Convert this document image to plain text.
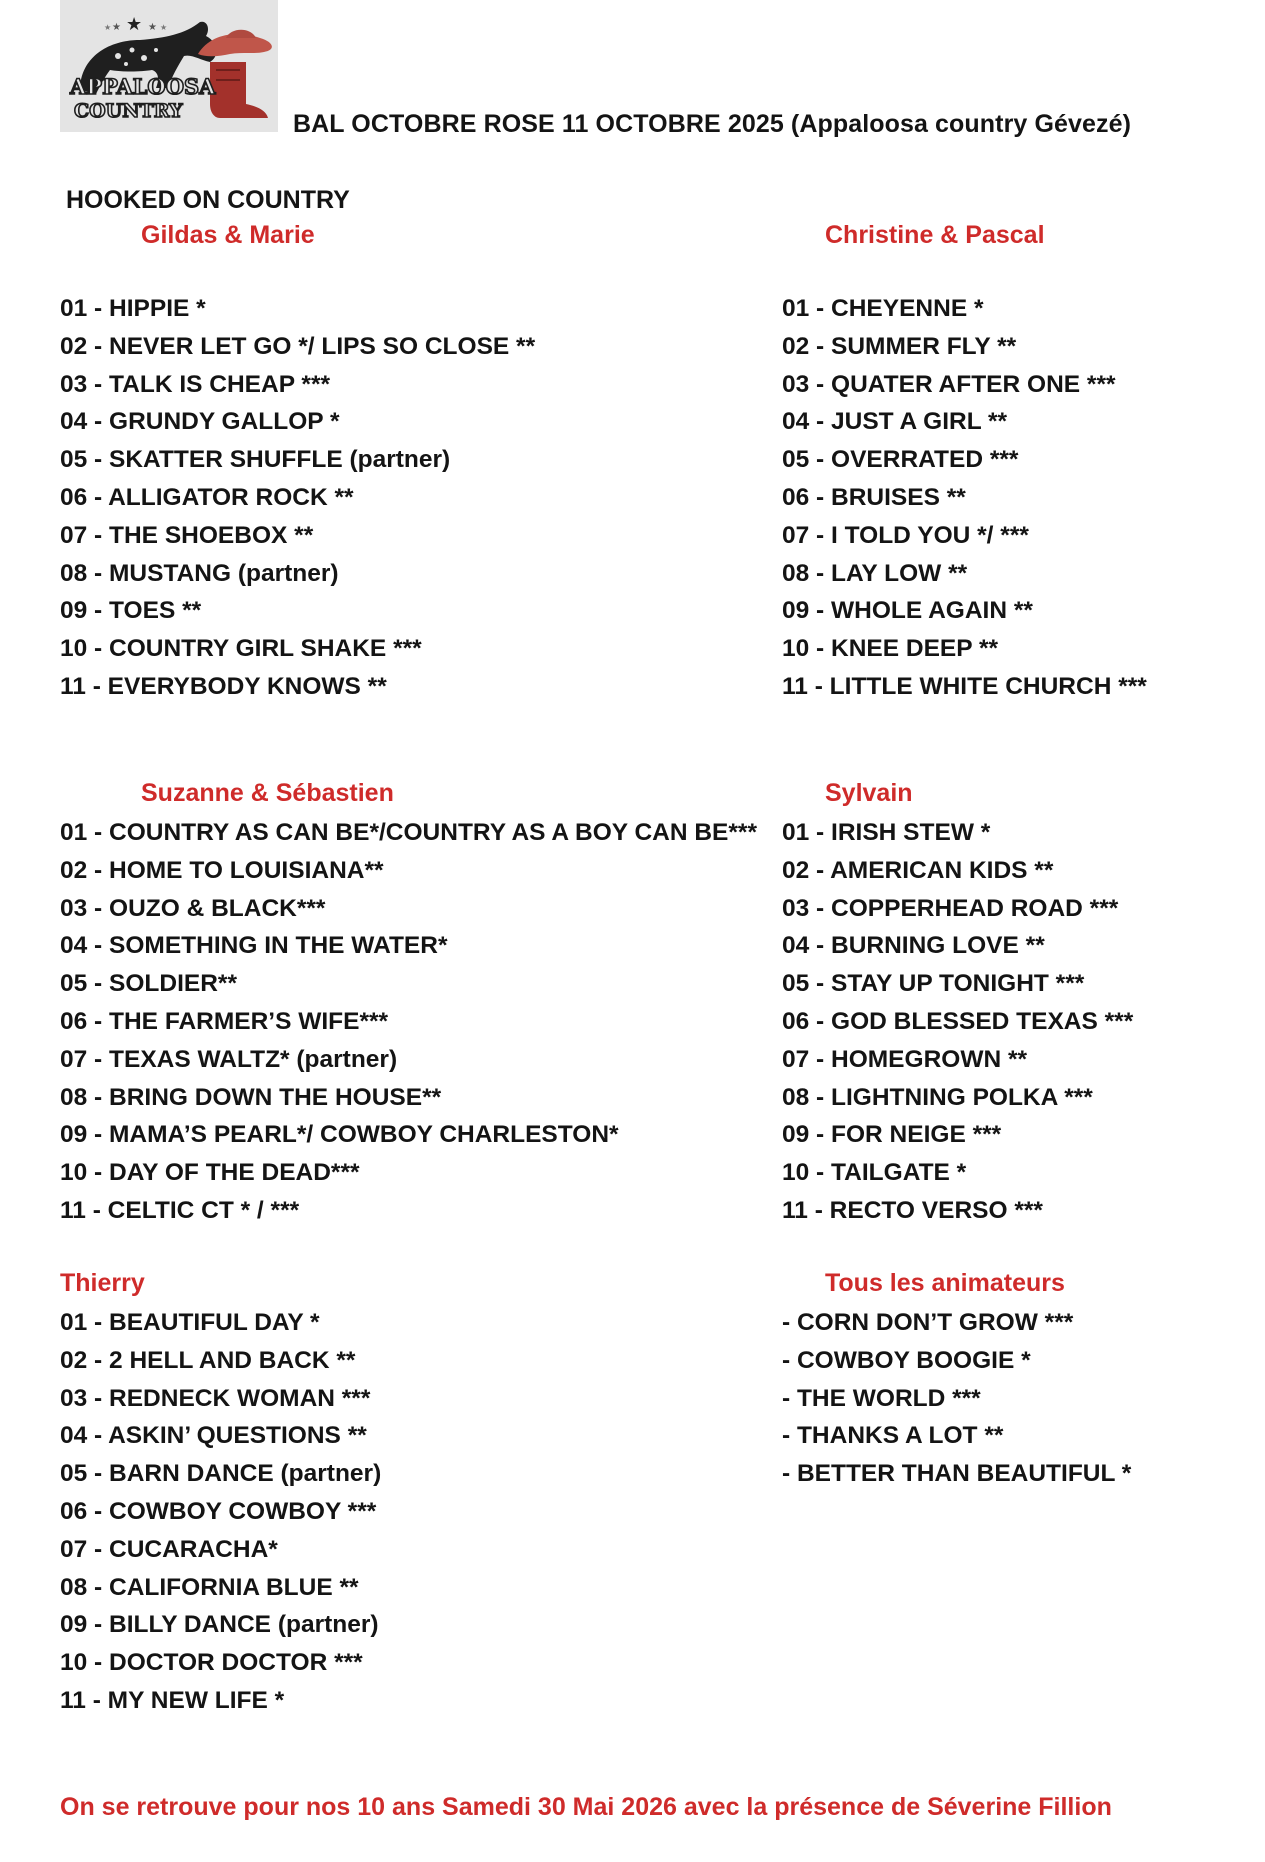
★
★
★	★ ★
APPALOOSA
COUNTRY	BAL OCTOBRE ROSE 11 OCTOBRE 2025 (Appaloosa country Gévezé)
HOOKED ON COUNTRY
Gildas & Marie
01 - HIPPIE *
02 - NEVER LET GO */ LIPS SO CLOSE **
03 - TALK IS CHEAP ***
04 - GRUNDY GALLOP *
05 - SKATTER SHUFFLE (partner)
06 - ALLIGATOR ROCK **
07 - THE SHOEBOX **
08 - MUSTANG (partner)
09 - TOES **
10 - COUNTRY GIRL SHAKE ***
11 - EVERYBODY KNOWS **
Christine & Pascal
01 - CHEYENNE *
02 - SUMMER FLY **
03 - QUATER AFTER ONE ***
04 - JUST A GIRL **
05 - OVERRATED ***
06 - BRUISES **
07 - I TOLD YOU */ ***
08 - LAY LOW **
09 - WHOLE AGAIN **
10 - KNEE DEEP **
11 - LITTLE WHITE CHURCH ***
Suzanne & Sébastien
01 - COUNTRY AS CAN BE*/COUNTRY AS A BOY CAN BE***
02 - HOME TO LOUISIANA**
03 - OUZO & BLACK***
04 - SOMETHING IN THE WATER*
05 - SOLDIER**
06 - THE FARMER’S WIFE***
07 - TEXAS WALTZ* (partner)
08 - BRING DOWN THE HOUSE**
09 - MAMA’S PEARL*/ COWBOY CHARLESTON*
10 - DAY OF THE DEAD***
11 - CELTIC CT * / ***
Sylvain
01 - IRISH STEW *
02 - AMERICAN KIDS **
03 - COPPERHEAD ROAD ***
04 - BURNING LOVE **
05 - STAY UP TONIGHT ***
06 - GOD BLESSED TEXAS ***
07 - HOMEGROWN **
08 - LIGHTNING POLKA ***
09 - FOR NEIGE ***
10 - TAILGATE *
11 - RECTO VERSO ***
Thierry
01 - BEAUTIFUL DAY *
02 - 2 HELL AND BACK **
03 - REDNECK WOMAN ***
04 - ASKIN’ QUESTIONS **
05 - BARN DANCE (partner)
06 - COWBOY COWBOY ***
07 - CUCARACHA*
08 - CALIFORNIA BLUE **
09 - BILLY DANCE (partner)
10 - DOCTOR DOCTOR ***
11 - MY NEW LIFE *
Tous les animateurs
- CORN DON’T GROW ***
- COWBOY BOOGIE *
- THE WORLD ***
- THANKS A LOT **
- BETTER THAN BEAUTIFUL *
On se retrouve pour nos 10 ans Samedi 30 Mai 2026 avec la présence de Séverine Fillion
